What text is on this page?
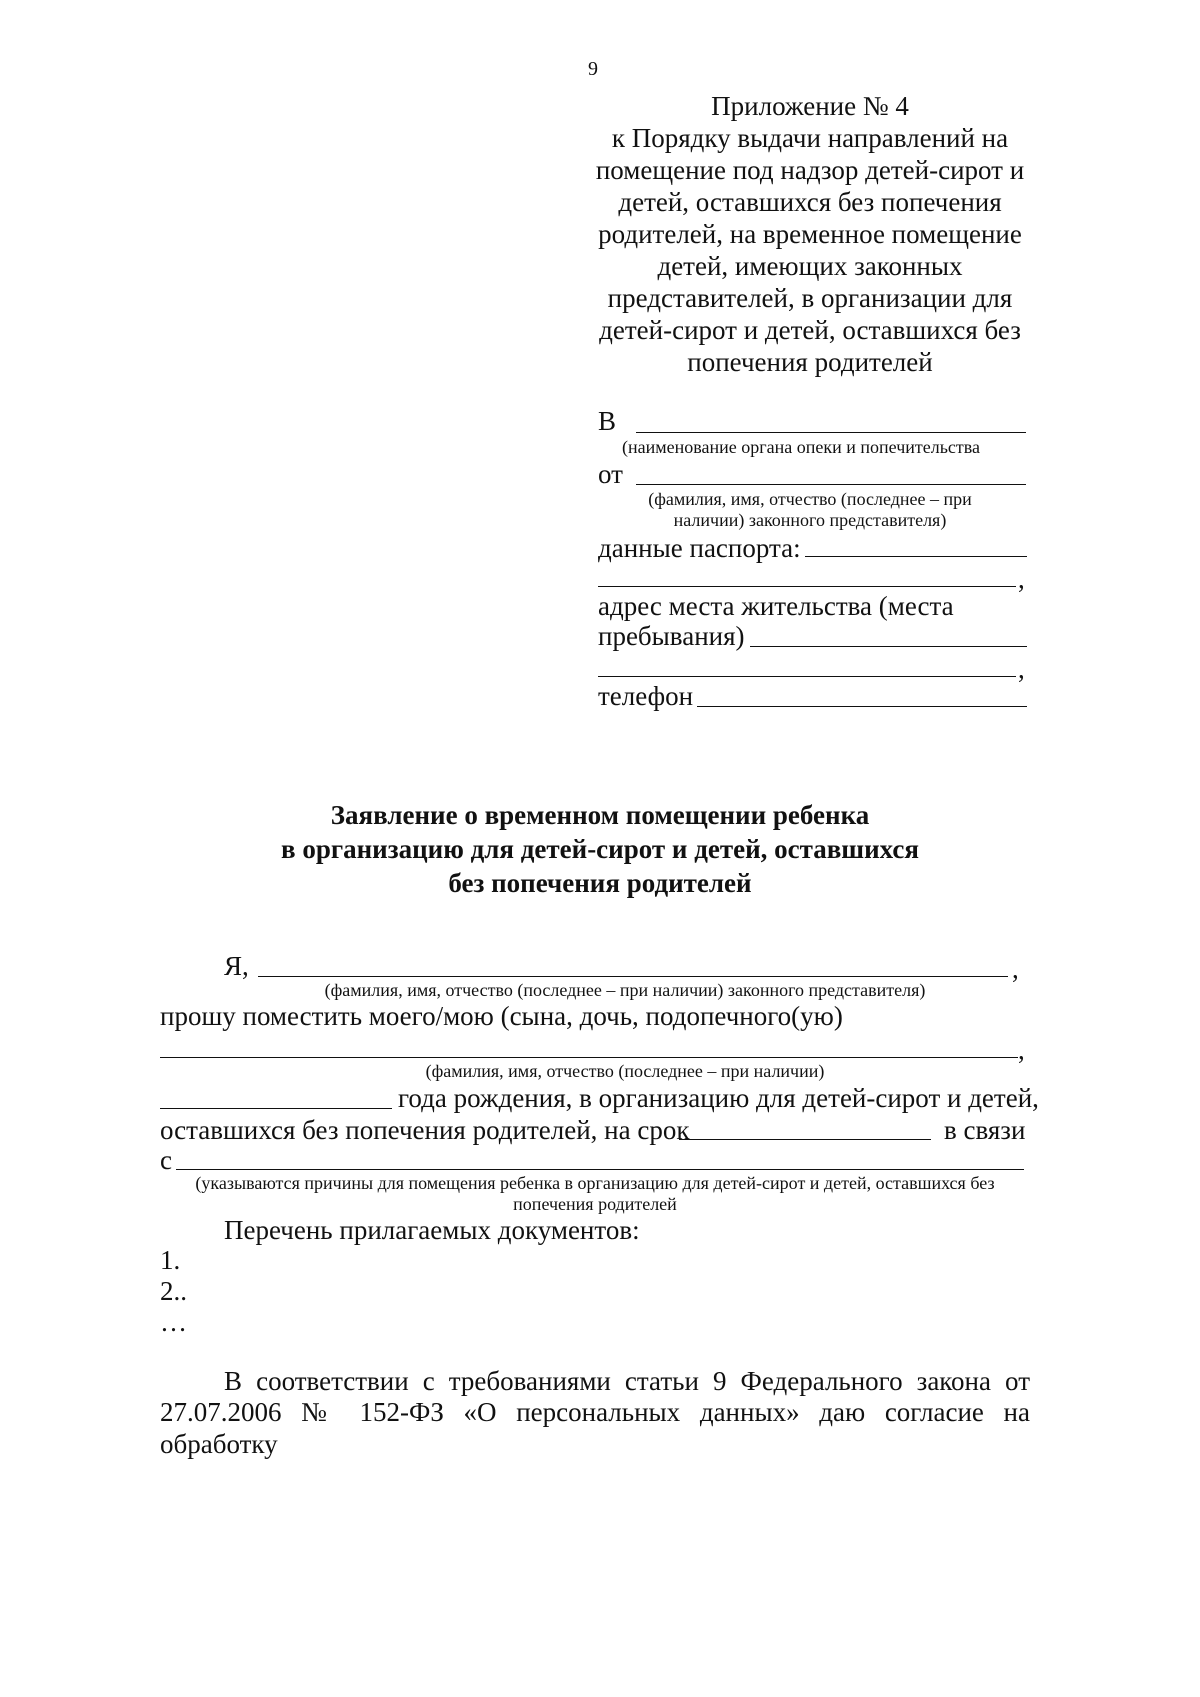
9
Приложение № 4
к Порядку выдачи направлений на
помещение под надзор детей-сирот и
детей, оставшихся без попечения
родителей, на временное помещение
детей, имеющих законных
представителей, в организации для
детей-сирот и детей, оставшихся без
попечения родителей
В
(наименование органа опеки и попечительства
от
(фамилия, имя, отчество (последнее – при
наличии) законного представителя)
данные паспорта:
,
адрес места жительства (места
пребывания)
,
телефон
Заявление о временном помещении ребенка
в организацию для детей-сирот и детей, оставшихся
без попечения родителей
Я,	,
(фамилия, имя, отчество (последнее – при наличии) законного представителя)
прошу поместить моего/мою (сына, дочь, подопечного(ую)
,
(фамилия, имя, отчество (последнее – при наличии)
года рождения, в организацию для детей-сирот и детей,
оставшихся без попечения родителей, на срок	в связи
с
(указываются причины для помещения ребенка в организацию для детей-сирот и детей, оставшихся без
попечения родителей
Перечень прилагаемых документов:
1.
2..
…
В соответствии с требованиями статьи 9 Федерального закона от
27.07.2006 № 152-ФЗ «О персональных данных» даю согласие на обработку
